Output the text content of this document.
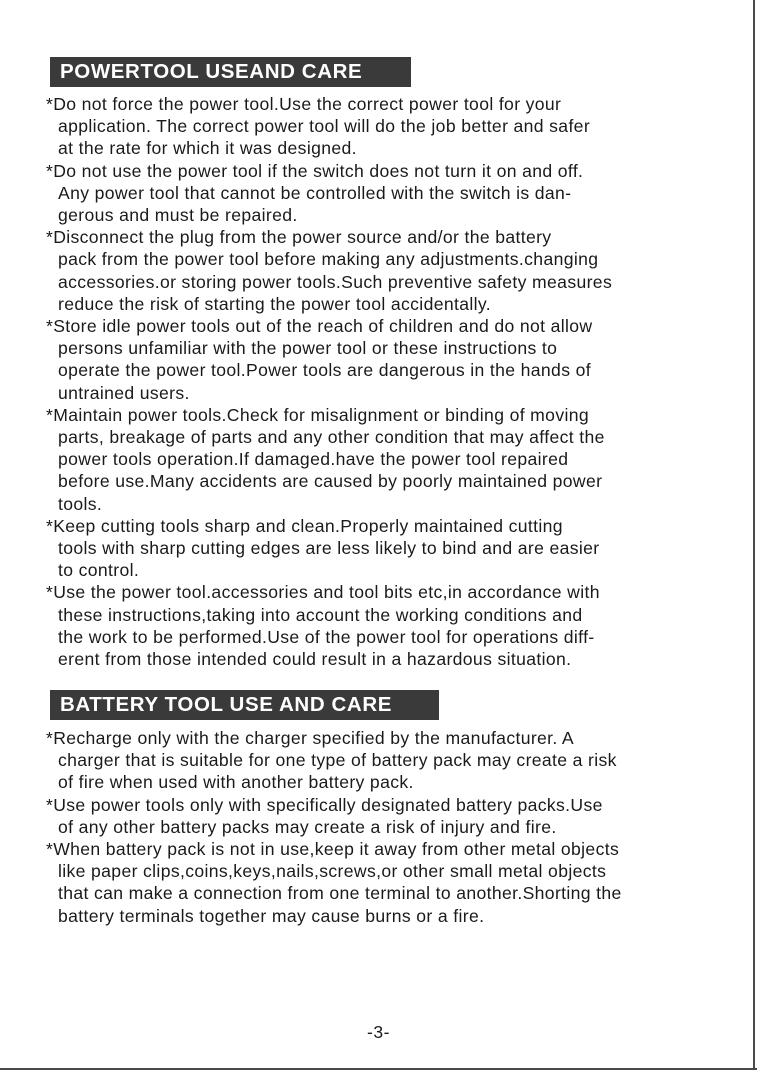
POWERTOOL USEAND CARE
*Do not force the power tool.Use the correct power tool for your
application. The correct power tool will do the job better and safer
at the rate for which it was designed.
*Do not use the power tool if the switch does not turn it on and off.
Any power tool that cannot be controlled with the switch is dan-
gerous and must be repaired.
*Disconnect the plug from the power source and/or the battery
pack from the power tool before making any adjustments.changing
accessories.or storing power tools.Such preventive safety measures
reduce the risk of starting the power tool accidentally.
*Store idle power tools out of the reach of children and do not allow
persons unfamiliar with the power tool or these instructions to
operate the power tool.Power tools are dangerous in the hands of
untrained users.
*Maintain power tools.Check for misalignment or binding of moving
parts, breakage of parts and any other condition that may affect the
power tools operation.If damaged.have the power tool repaired
before use.Many accidents are caused by poorly maintained power
tools.
*Keep cutting tools sharp and clean.Properly maintained cutting
tools with sharp cutting edges are less likely to bind and are easier
to control.
*Use the power tool.accessories and tool bits etc,in accordance with
these instructions,taking into account the working conditions and
the work to be performed.Use of the power tool for operations diff-
erent from those intended could result in a hazardous situation.
BATTERY TOOL USE AND CARE
*Recharge only with the charger specified by the manufacturer. A
charger that is suitable for one type of battery pack may create a risk
of fire when used with another battery pack.
*Use power tools only with specifically designated battery packs.Use
of any other battery packs may create a risk of injury and fire.
*When battery pack is not in use,keep it away from other metal objects
like paper clips,coins,keys,nails,screws,or other small metal objects
that can make a connection from one terminal to another.Shorting the
battery terminals together may cause burns or a fire.
-3-
